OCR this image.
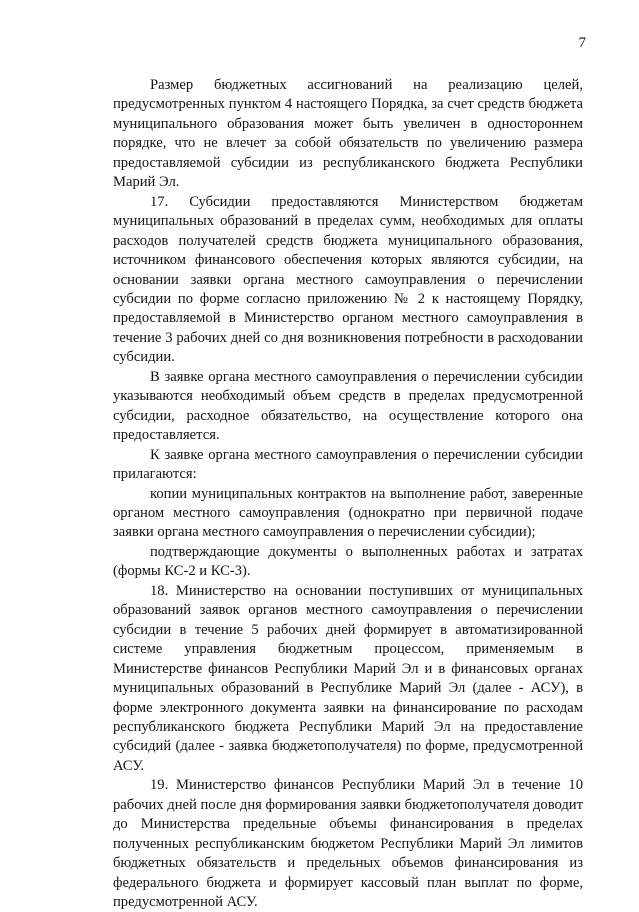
7

Размер бюджетных ассигнований на реализацию целей, предусмотренных пунктом 4 настоящего Порядка, за счет средств бюджета муниципального образования может быть увеличен в одностороннем порядке, что не влечет за собой обязательств по увеличению размера предоставляемой субсидии из республиканского бюджета Республики Марий Эл.

17. Субсидии предоставляются Министерством бюджетам муниципальных образований в пределах сумм, необходимых для оплаты расходов получателей средств бюджета муниципального образования, источником финансового обеспечения которых являются субсидии, на основании заявки органа местного самоуправления о перечислении субсидии по форме согласно приложению № 2 к настоящему Порядку, предоставляемой в Министерство органом местного самоуправления в течение 3 рабочих дней со дня возникновения потребности в расходовании субсидии.

В заявке органа местного самоуправления о перечислении субсидии указываются необходимый объем средств в пределах предусмотренной субсидии, расходное обязательство, на осуществление которого она предоставляется.

К заявке органа местного самоуправления о перечислении субсидии прилагаются:

копии муниципальных контрактов на выполнение работ, заверенные органом местного самоуправления (однократно при первичной подаче заявки органа местного самоуправления о перечислении субсидии);

подтверждающие документы о выполненных работах и затратах (формы КС-2 и КС-3).

18. Министерство на основании поступивших от муниципальных образований заявок органов местного самоуправления о перечислении субсидии в течение 5 рабочих дней формирует в автоматизированной системе управления бюджетным процессом, применяемым в Министерстве финансов Республики Марий Эл и в финансовых органах муниципальных образований в Республике Марий Эл (далее - АСУ), в форме электронного документа заявки на финансирование по расходам республиканского бюджета Республики Марий Эл на предоставление субсидий (далее - заявка бюджетополучателя) по форме, предусмотренной АСУ.

19. Министерство финансов Республики Марий Эл в течение 10 рабочих дней после дня формирования заявки бюджетополучателя доводит до Министерства предельные объемы финансирования в пределах полученных республиканским бюджетом Республики Марий Эл лимитов бюджетных обязательств и предельных объемов финансирования из федерального бюджета и формирует кассовый план выплат по форме, предусмотренной АСУ.
